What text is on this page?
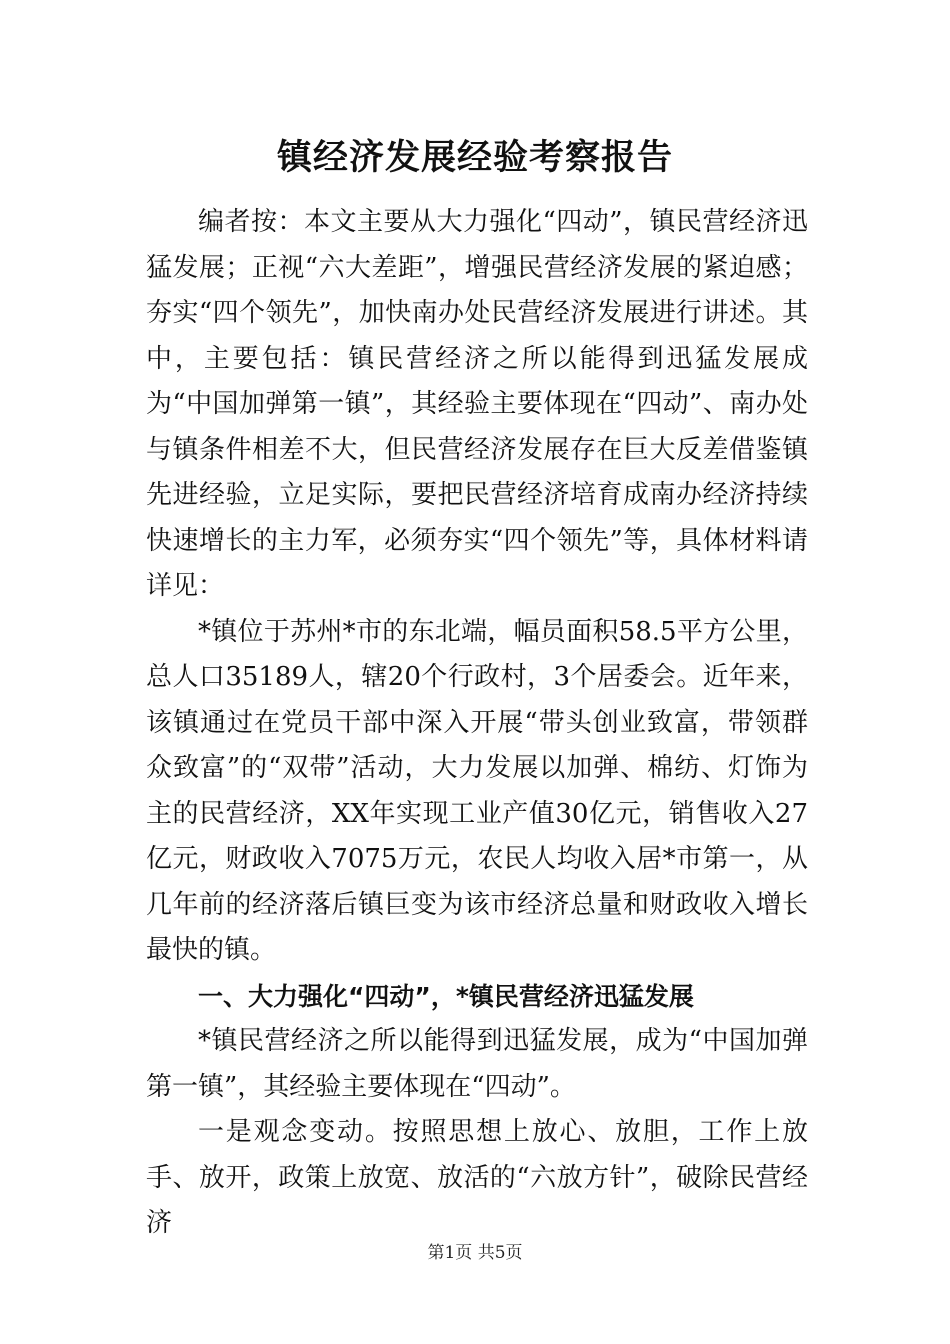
镇经济发展经验考察报告

编者按：本文主要从大力强化“四动”，镇民营经济迅猛发展；正视“六大差距”，增强民营经济发展的紧迫感；夯实“四个领先”，加快南办处民营经济发展进行讲述。其中，主要包括：镇民营经济之所以能得到迅猛发展成为“中国加弹第一镇”，其经验主要体现在“四动”、南办处与镇条件相差不大，但民营经济发展存在巨大反差借鉴镇先进经验，立足实际，要把民营经济培育成南办经济持续快速增长的主力军，必须夯实“四个领先”等，具体材料请详见：

*镇位于苏州*市的东北端，幅员面积58.5平方公里，总人口35189人，辖20个行政村，3个居委会。近年来，该镇通过在党员干部中深入开展“带头创业致富，带领群众致富”的“双带”活动，大力发展以加弹、棉纺、灯饰为主的民营经济，XX年实现工业产值30亿元，销售收入27亿元，财政收入7075万元，农民人均收入居*市第一，从几年前的经济落后镇巨变为该市经济总量和财政收入增长最快的镇。

一、大力强化“四动”，*镇民营经济迅猛发展

*镇民营经济之所以能得到迅猛发展，成为“中国加弹第一镇”，其经验主要体现在“四动”。

一是观念变动。按照思想上放心、放胆，工作上放手、放开，政策上放宽、放活的“六放方针”，破除民营经济

第1页 共5页
